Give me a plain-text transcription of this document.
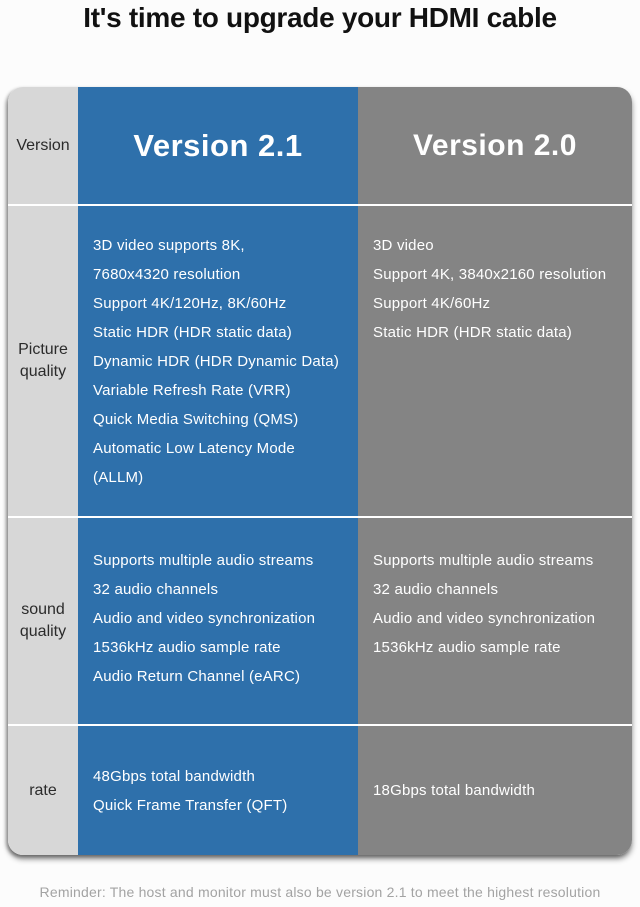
It's time to upgrade your HDMI cable
Version	Version 2.1	Version 2.0
Picture quality
3D video supports 8K,
7680x4320 resolution
Support 4K/120Hz, 8K/60Hz
Static HDR (HDR static data)
Dynamic HDR (HDR Dynamic Data)
Variable Refresh Rate (VRR)
Quick Media Switching (QMS)
Automatic Low Latency Mode
(ALLM)
3D video
Support 4K, 3840x2160 resolution
Support 4K/60Hz
Static HDR (HDR static data)
sound quality
Supports multiple audio streams
32 audio channels
Audio and video synchronization
1536kHz audio sample rate
Audio Return Channel (eARC)
Supports multiple audio streams
32 audio channels
Audio and video synchronization
1536kHz audio sample rate
rate
48Gbps total bandwidth
Quick Frame Transfer (QFT)
18Gbps total bandwidth
Reminder: The host and monitor must also be version 2.1 to meet the highest resolution
